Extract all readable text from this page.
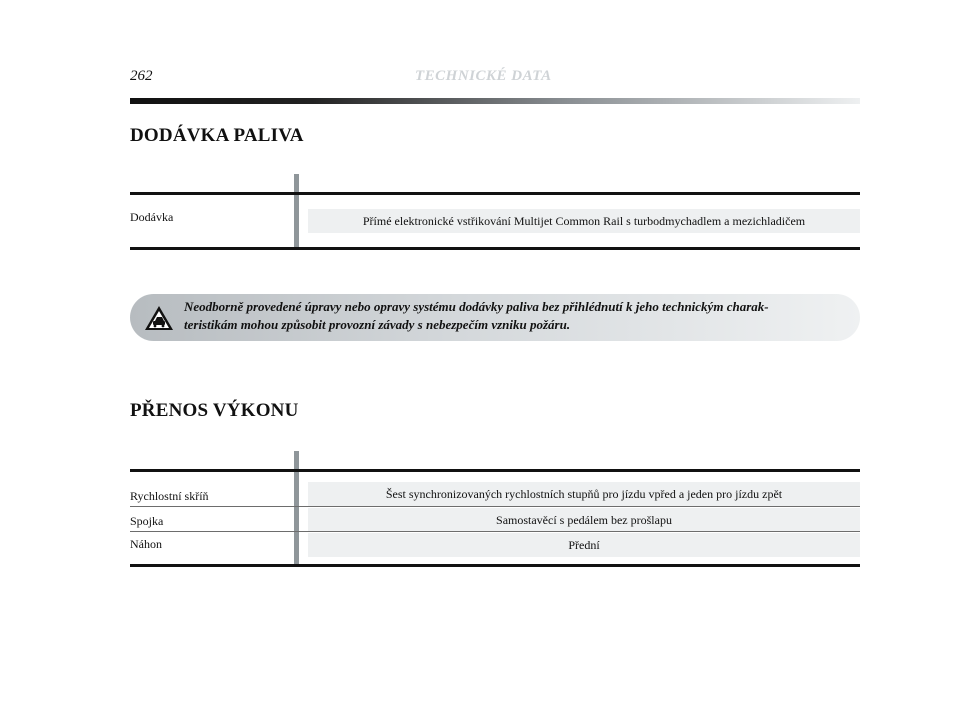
262	TECHNICKÉ DATA
DODÁVKA PALIVA
Dodávka	Přímé elektronické vstřikování Multijet Common Rail s turbodmychadlem a mezichladičem
Neodborně provedené úpravy nebo opravy systému dodávky paliva bez přihlédnutí k jeho technickým charak-
teristikám mohou způsobit provozní závady s nebezpečím vzniku požáru.
PŘENOS VÝKONU
Rychlostní skříň	Šest synchronizovaných rychlostních stupňů pro jízdu vpřed a jeden pro jízdu zpět
Spojka	Samostavěcí s pedálem bez prošlapu
Náhon	Přední
